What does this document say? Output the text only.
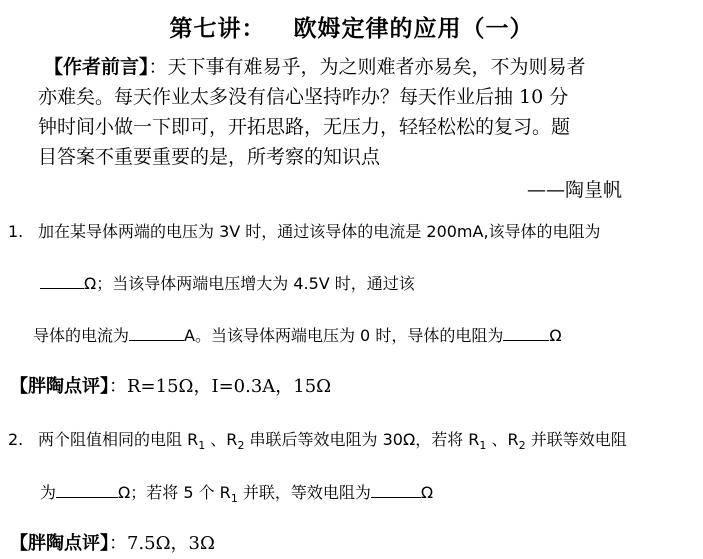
第七讲： 欧姆定律的应用（一）

【作者前言】：天下事有难易乎，为之则难者亦易矣，不为则易者

亦难矣。每天作业太多没有信心坚持咋办？每天作业后抽 10 分

钟时间小做一下即可，开拓思路，无压力，轻轻松松的复习。题

目答案不重要重要的是，所考察的知识点

——陶皇帆
1. 加在某导体两端的电压为 3V 时，通过该导体的电流是 200mA,该导体的电阻为
Ω；当该导体两端电压增大为 4.5V 时，通过该
导体的电流为	A。当该导体两端电压为 0 时，导体的电阻为	Ω
【胖陶点评】：R=15Ω，I=0.3A，15Ω
2. 两个阻值相同的电阻 $R_1$ 、$R_2$ 串联后等效电阻为 30Ω，若将 $R_1$ 、$R_2$ 并联等效电阻
为	Ω；若将 5 个 $R_1$ 并联，等效电阻为	Ω
【胖陶点评】：7.5Ω，3Ω
